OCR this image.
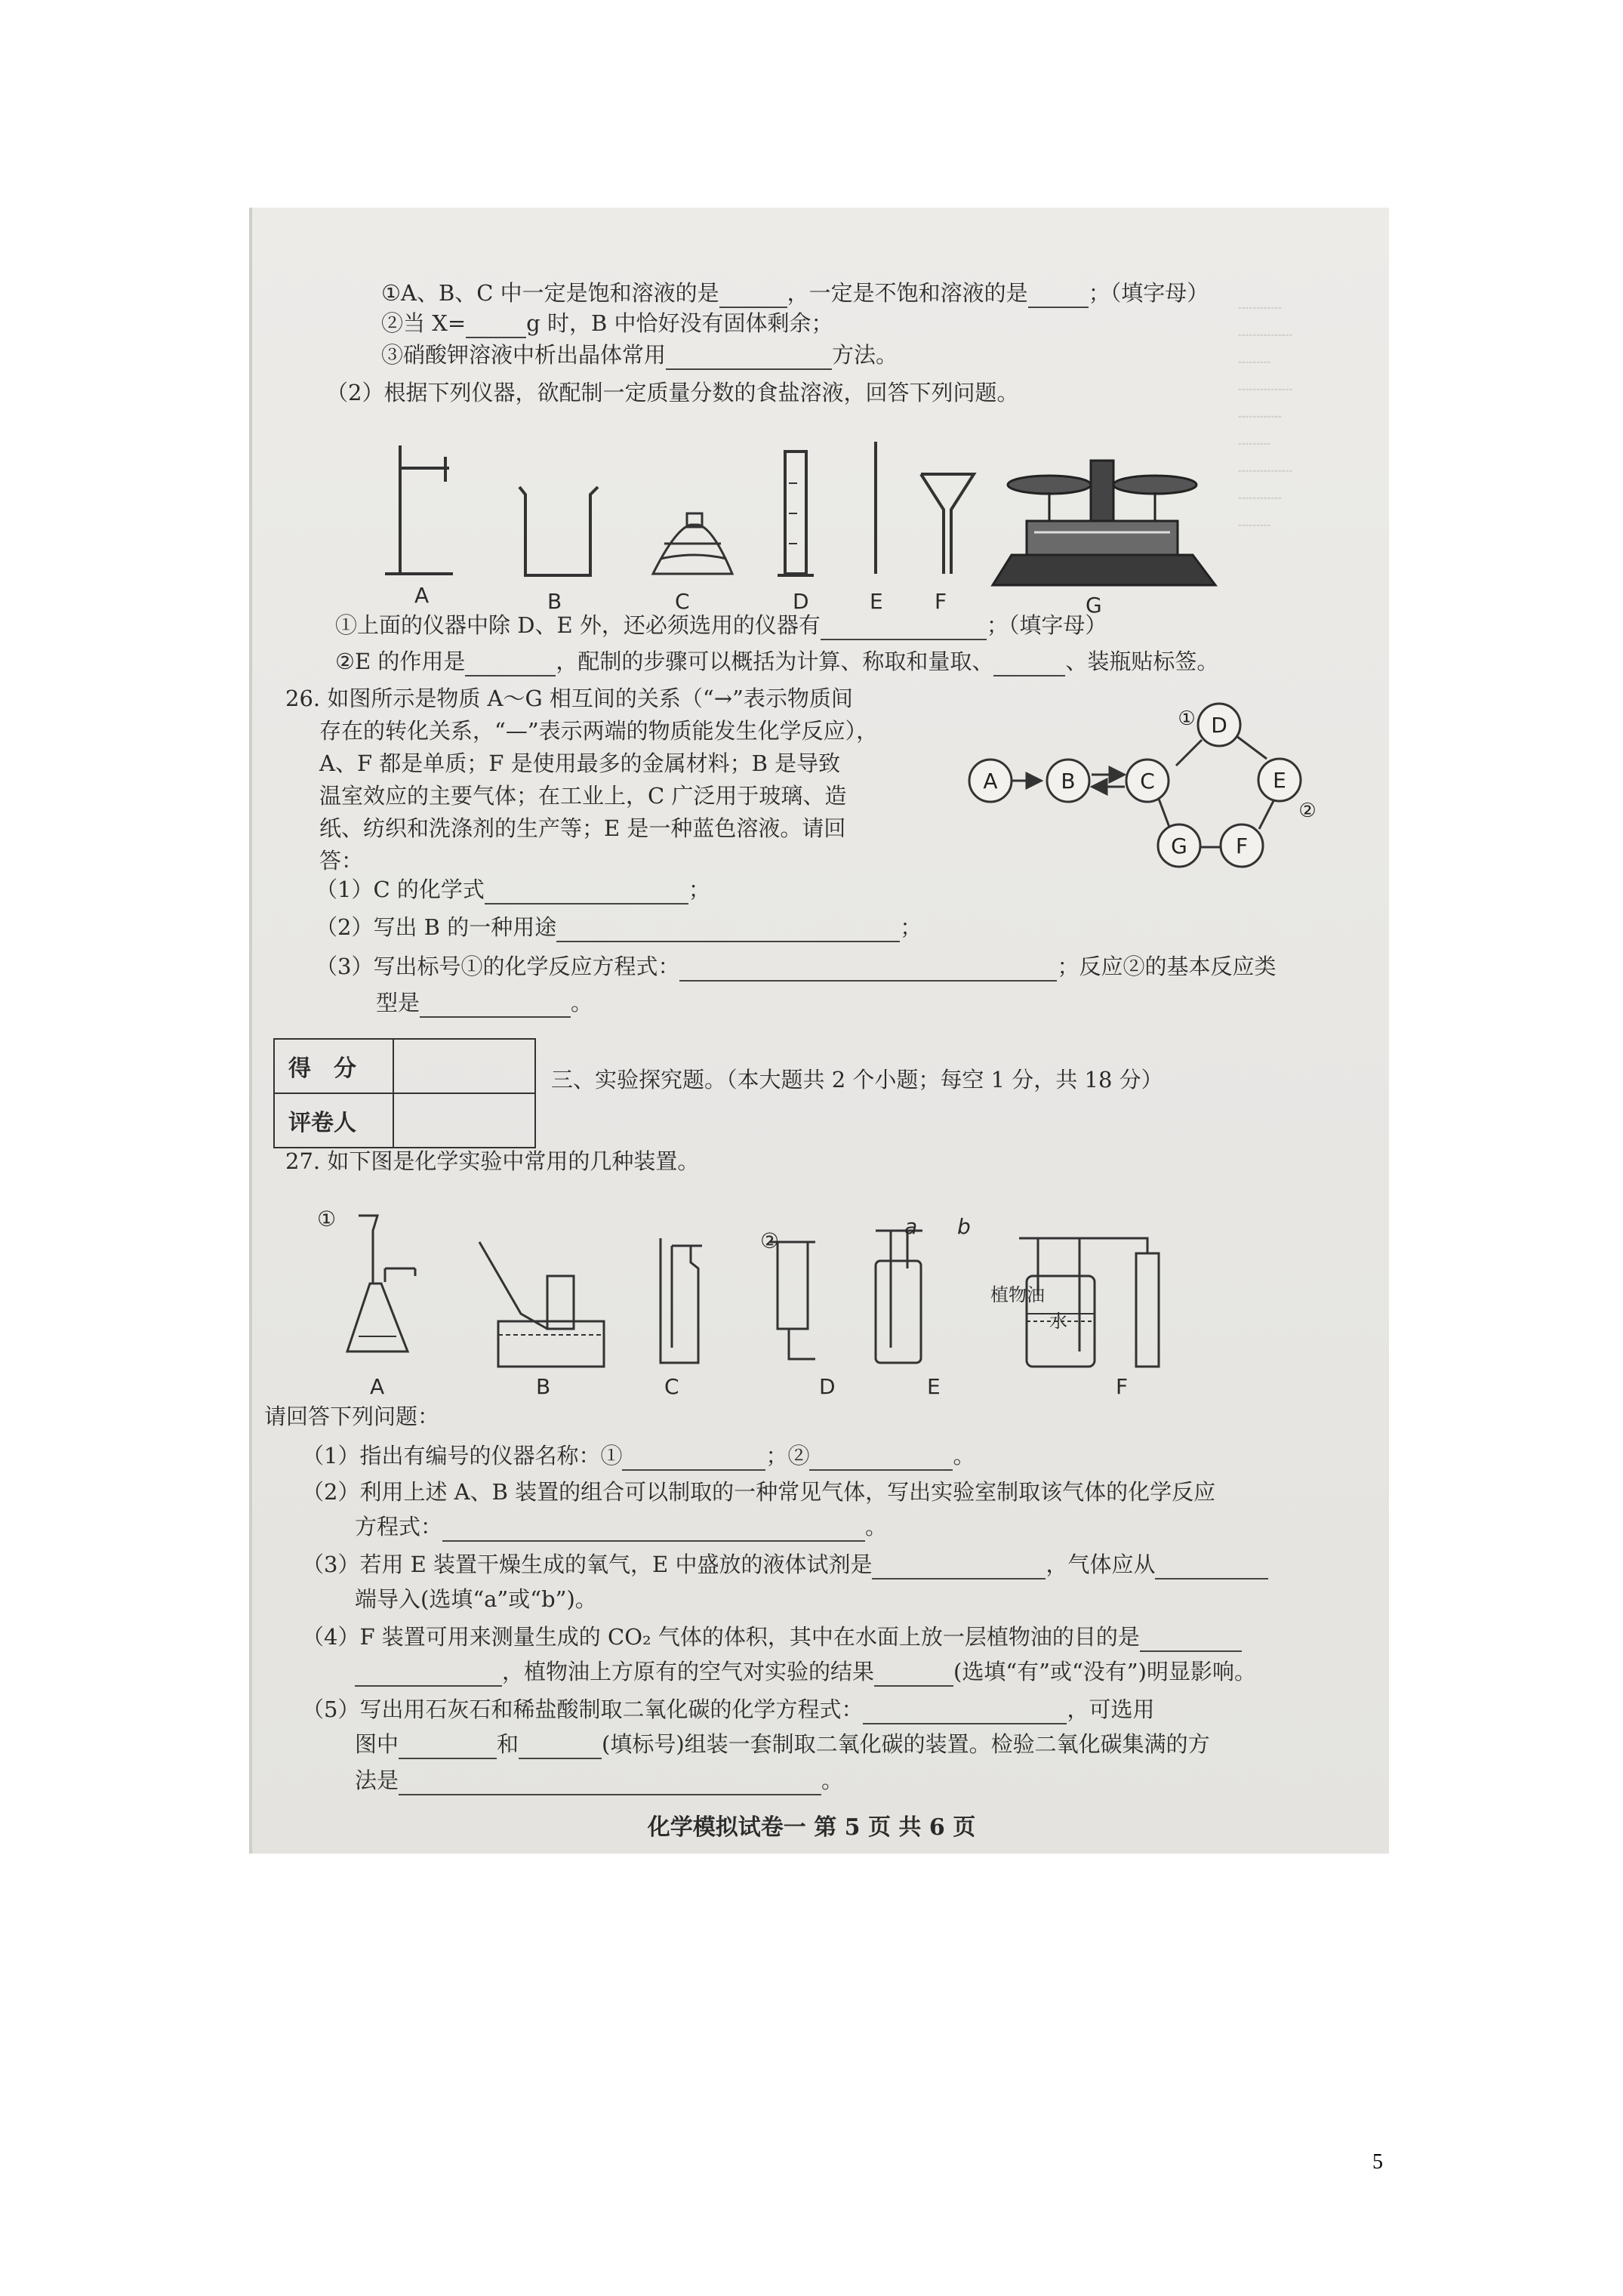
┄┄┄┄
┄┄┄┄┄
┄┄┄
┄┄┄┄┄
┄┄┄┄
┄┄┄
┄┄┄┄┄
┄┄┄┄
┄┄┄
①A、B、C 中一定是饱和溶液的是	，一定是不饱和溶液的是	；（填字母）
②当 X=	g 时，B 中恰好没有固体剩余；
③硝酸钾溶液中析出晶体常用	方法。
（2）根据下列仪器，欲配制一定质量分数的食盐溶液，回答下列问题。
A	B	C	D	E F	G
①上面的仪器中除 D、E 外，还必须选用的仪器有	；（填字母）
②E 的作用是	，配制的步骤可以概括为计算、称取和量取、	、装瓶贴标签。
26. 如图所示是物质 A～G 相互间的关系（“→”表示物质间
存在的转化关系，“—”表示两端的物质能发生化学反应），
A、F 都是单质；F 是使用最多的金属材料；B 是导致
温室效应的主要气体；在工业上，C 广泛用于玻璃、造
纸、纺织和洗涤剂的生产等；E 是一种蓝色溶液。请回
答：
A	B	C
D
E
F
G
①
②
（1）C 的化学式	；
（2）写出 B 的一种用途	；
（3）写出标号①的化学反应方程式：	；反应②的基本反应类
型是	。
得　分	
评卷人	
三、实验探究题。（本大题共 2 个小题；每空 1 分，共 18 分）
27. 如下图是化学实验中常用的几种装置。
①
②
a b
植物油
水
A	B	C	D	E	F
请回答下列问题：
（1）指出有编号的仪器名称：①	；②	。
（2）利用上述 A、B 装置的组合可以制取的一种常见气体，写出实验室制取该气体的化学反应
方程式：	。
（3）若用 E 装置干燥生成的氧气，E 中盛放的液体试剂是	，气体应从
端导入(选填“a”或“b”)。
（4）F 装置可用来测量生成的 CO₂ 气体的体积，其中在水面上放一层植物油的目的是
，植物油上方原有的空气对实验的结果	(选填“有”或“没有”)明显影响。
（5）写出用石灰石和稀盐酸制取二氧化碳的化学方程式：	，可选用
图中	和	(填标号)组装一套制取二氧化碳的装置。检验二氧化碳集满的方
法是	。
化学模拟试卷一 第 5 页 共 6 页
5
